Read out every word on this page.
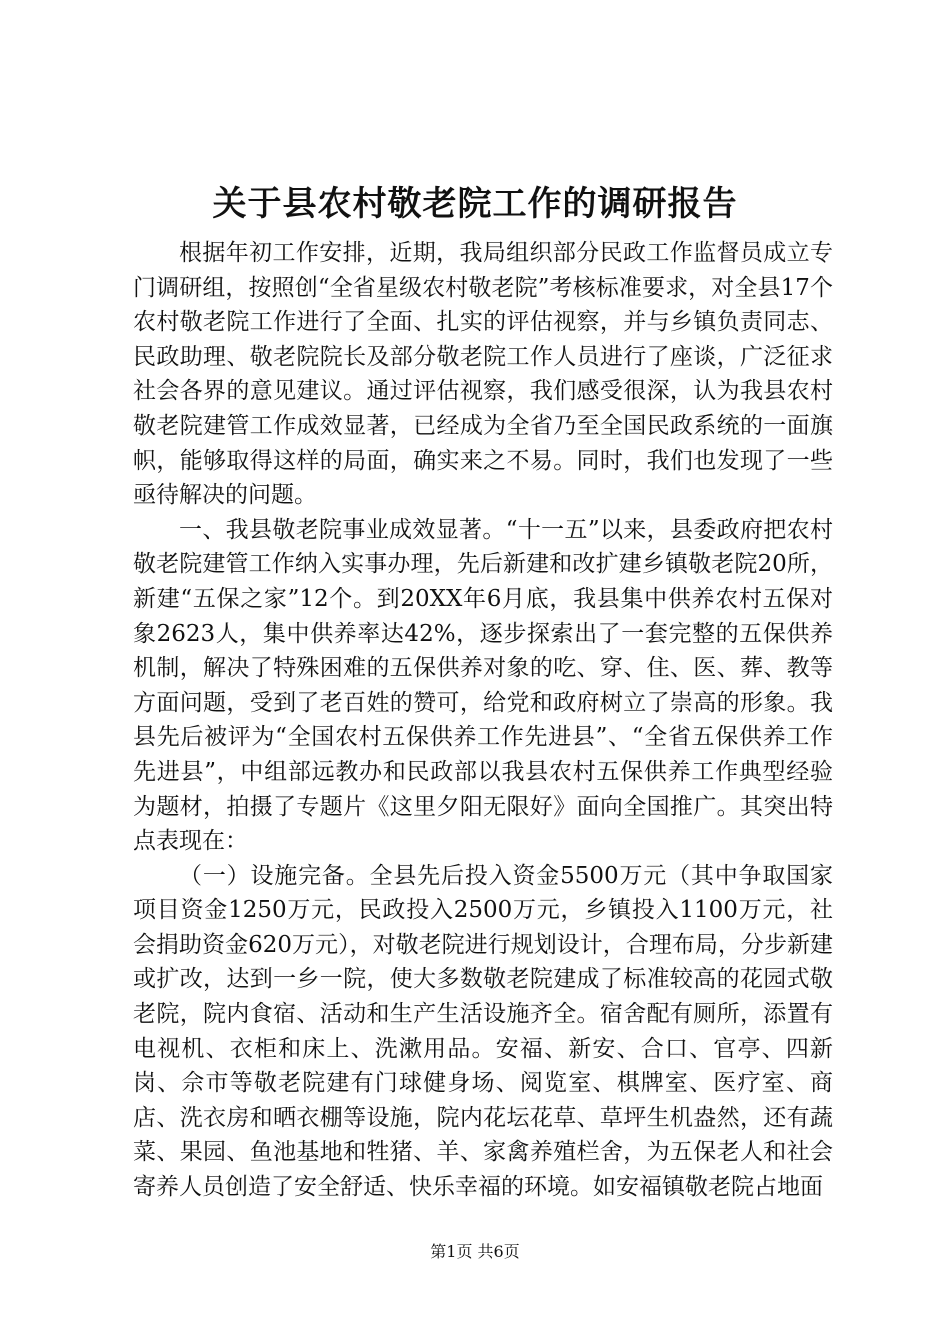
关于县农村敬老院工作的调研报告

根据年初工作安排，近期，我局组织部分民政工作监督员成立专门调研组，按照创“全省星级农村敬老院”考核标准要求，对全县17个农村敬老院工作进行了全面、扎实的评估视察，并与乡镇负责同志、民政助理、敬老院院长及部分敬老院工作人员进行了座谈，广泛征求社会各界的意见建议。通过评估视察，我们感受很深，认为我县农村敬老院建管工作成效显著，已经成为全省乃至全国民政系统的一面旗帜，能够取得这样的局面，确实来之不易。同时，我们也发现了一些亟待解决的问题。

一、我县敬老院事业成效显著。“十一五”以来，县委政府把农村敬老院建管工作纳入实事办理，先后新建和改扩建乡镇敬老院20所，新建“五保之家”12个。到20XX年6月底，我县集中供养农村五保对象2623人，集中供养率达42%，逐步探索出了一套完整的五保供养机制，解决了特殊困难的五保供养对象的吃、穿、住、医、葬、教等方面问题，受到了老百姓的赞可，给党和政府树立了崇高的形象。我县先后被评为“全国农村五保供养工作先进县”、“全省五保供养工作先进县”，中组部远教办和民政部以我县农村五保供养工作典型经验为题材，拍摄了专题片《这里夕阳无限好》面向全国推广。其突出特点表现在：

（一）设施完备。全县先后投入资金5500万元（其中争取国家项目资金1250万元，民政投入2500万元，乡镇投入1100万元，社会捐助资金620万元），对敬老院进行规划设计，合理布局，分步新建或扩改，达到一乡一院，使大多数敬老院建成了标准较高的花园式敬老院，院内食宿、活动和生产生活设施齐全。宿舍配有厕所，添置有电视机、衣柜和床上、洗漱用品。安福、新安、合口、官亭、四新岗、佘市等敬老院建有门球健身场、阅览室、棋牌室、医疗室、商店、洗衣房和晒衣棚等设施，院内花坛花草、草坪生机盎然，还有蔬菜、果园、鱼池基地和牲猪、羊、家禽养殖栏舍，为五保老人和社会寄养人员创造了安全舒适、快乐幸福的环境。如安福镇敬老院占地面

第1页 共6页
